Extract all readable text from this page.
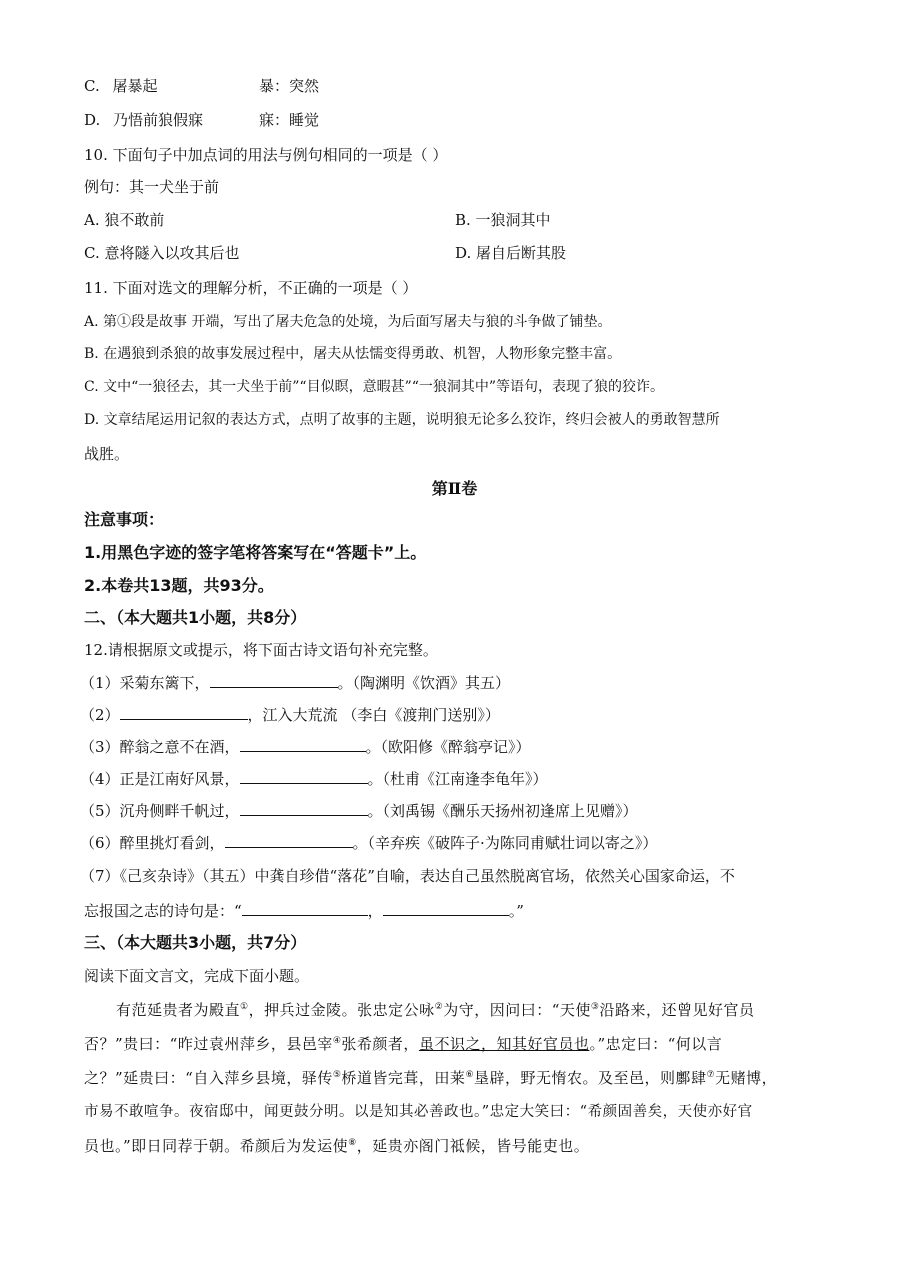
C. 屠暴起	暴：突然
D. 乃悟前狼假寐	寐：睡觉
10. 下面句子中加点词的用法与例句相同的一项是（ ）
例句：其一犬坐于前
A. 狼不敢前	B. 一狼洞其中
C. 意将隧入以攻其后也	D. 屠自后断其股
11. 下面对选文的理解分析，不正确的一项是（ ）
A. 第①段是故事 开端，写出了屠夫危急的处境，为后面写屠夫与狼的斗争做了铺垫。
B. 在遇狼到杀狼的故事发展过程中，屠夫从怯懦变得勇敢、机智，人物形象完整丰富。
C. 文中“一狼径去，其一犬坐于前”“目似瞑，意暇甚”“一狼洞其中”等语句，表现了狼的狡诈。
D. 文章结尾运用记叙的表达方式，点明了故事的主题，说明狼无论多么狡诈，终归会被人的勇敢智慧所
战胜。
第Ⅱ卷
注意事项：
1.用黑色字迹的签字笔将答案写在“答题卡”上。
2.本卷共13题，共93分。
二、（本大题共1小题，共8分）
12.请根据原文或提示，将下面古诗文语句补充完整。
（1）采菊东篱下，	。（陶渊明《饮酒》其五）
（2）	，江入大荒流 （李白《渡荆门送别》）
（3）醉翁之意不在酒，	。（欧阳修《醉翁亭记》）
（4）正是江南好风景，	。（杜甫《江南逢李龟年》）
（5）沉舟侧畔千帆过，	。（刘禹锡《酬乐天扬州初逢席上见赠》）
（6）醉里挑灯看剑，	。（辛弃疾《破阵子·为陈同甫赋壮词以寄之》）
（7）《己亥杂诗》（其五）中龚自珍借“落花”自喻，表达自己虽然脱离官场，依然关心国家命运，不
忘报国之志的诗句是：“	，	。”
三、（本大题共3小题，共7分）
阅读下面文言文，完成下面小题。
有范延贵者为殿直①，押兵过金陵。张忠定公咏②为守，因问曰：“天使③沿路来，还曾见好官员
否？”贵曰：“昨过袁州萍乡，县邑宰④张希颜者，虽不识之，知其好官员也。”忠定曰：“何以言
之？”延贵曰：“自入萍乡县境，驿传⑤桥道皆完葺，田莱⑥垦辟，野无惰农。及至邑，则鄽肆⑦无赌博，
市易不敢喧争。夜宿邸中，闻更鼓分明。以是知其必善政也。”忠定大笑曰：“希颜固善矣，天使亦好官
员也。”即日同荐于朝。希颜后为发运使⑧，延贵亦阁门祗候，皆号能吏也。
